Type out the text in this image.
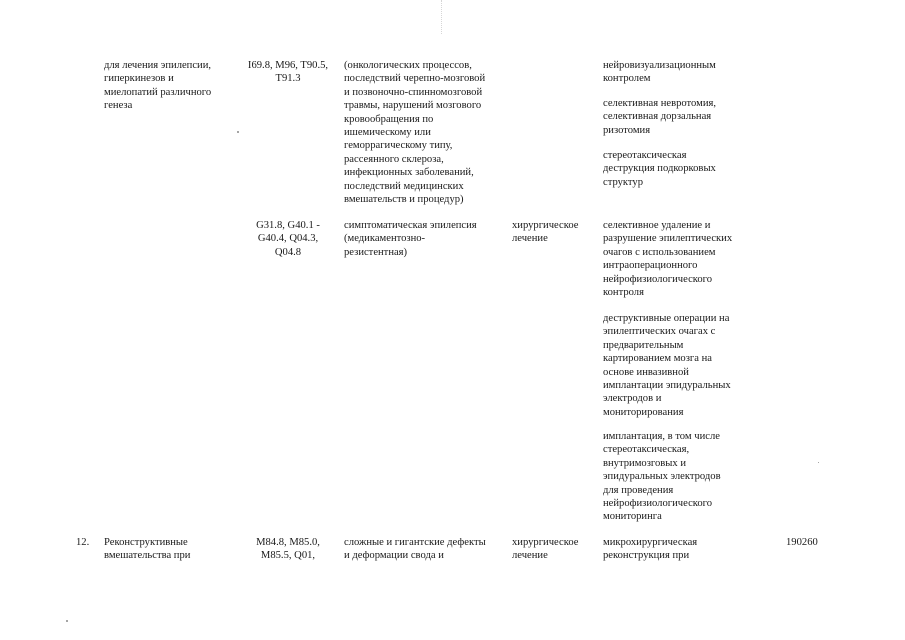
для лечения эпилепсии,
гиперкинезов и
миелопатий различного
генеза
I69.8, M96, T90.5,
T91.3
(онкологических процессов,
последствий черепно-мозговой
и позвоночно-спинномозговой
травмы, нарушений мозгового
кровообращения по
ишемическому или
геморрагическому типу,
рассеянного склероза,
инфекционных заболеваний,
последствий медицинских
вмешательств и процедур)
нейровизуализационным
контролем
селективная невротомия,
селективная дорзальная
ризотомия
стереотаксическая
деструкция подкорковых
структур
G31.8, G40.1 -
G40.4, Q04.3,
Q04.8
симптоматическая эпилепсия
(медикаментозно-
резистентная)
хирургическое
лечение
селективное удаление и
разрушение эпилептических
очагов с использованием
интраоперационного
нейрофизиологического
контроля
деструктивные операции на
эпилептических очагах с
предварительным
картированием мозга на
основе инвазивной
имплантации эпидуральных
электродов и
мониторирования
имплантация, в том числе
стереотаксическая,
внутримозговых и
эпидуральных электродов
для проведения
нейрофизиологического
мониторинга
12.	Реконструктивные
вмешательства при
M84.8, M85.0,
M85.5, Q01,
сложные и гигантские дефекты
и деформации свода и
хирургическое
лечение
микрохирургическая
реконструкция при
190260
